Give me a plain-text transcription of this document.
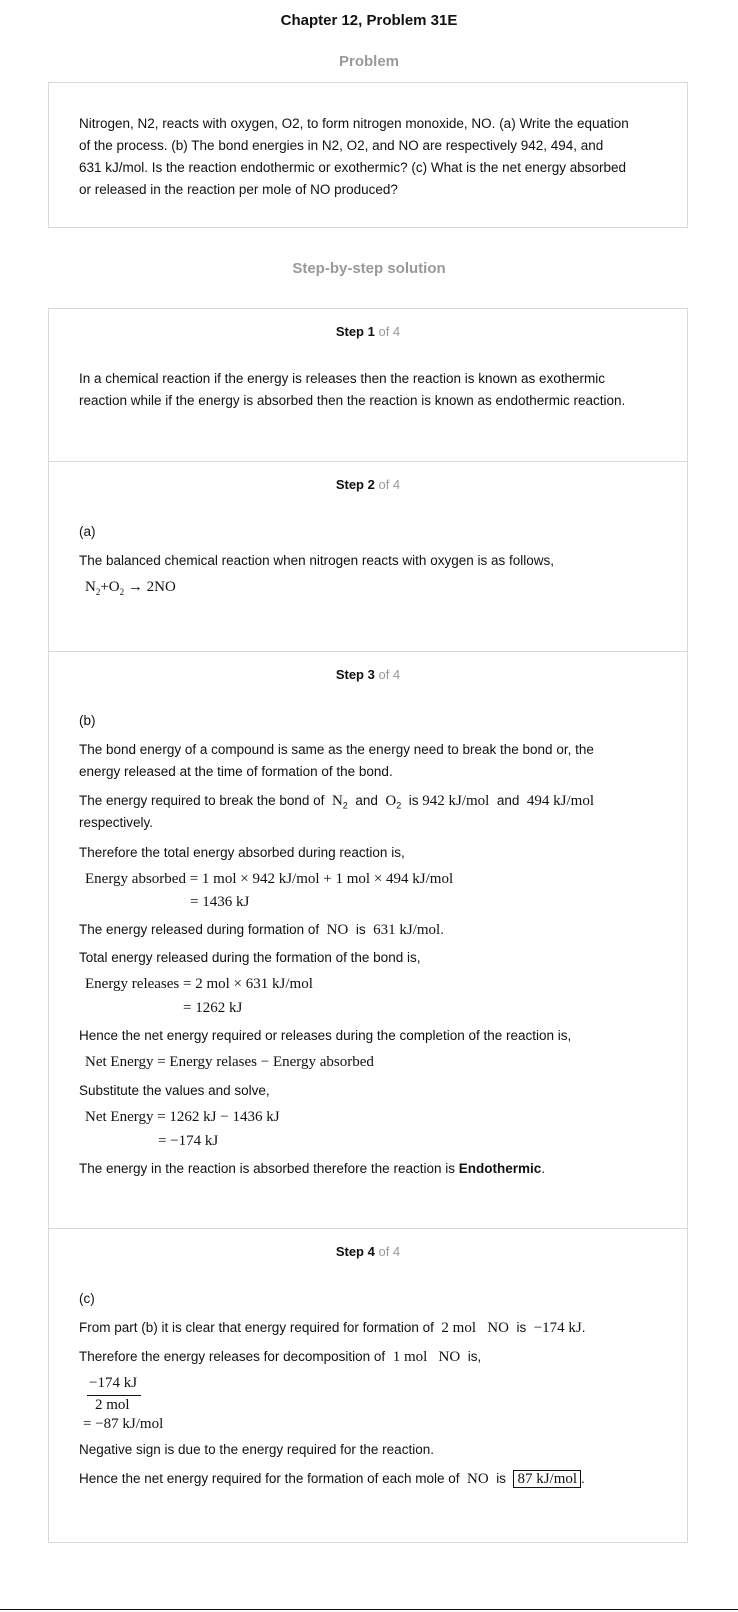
Chapter 12, Problem 31E
Problem
Nitrogen, N2, reacts with oxygen, O2, to form nitrogen monoxide, NO. (a) Write the equation
of the process. (b) The bond energies in N2, O2, and NO are respectively 942, 494, and
631 kJ/mol. Is the reaction endothermic or exothermic? (c) What is the net energy absorbed
or released in the reaction per mole of NO produced?
Step-by-step solution
Step 1 of 4
In a chemical reaction if the energy is releases then the reaction is known as exothermic
reaction while if the energy is absorbed then the reaction is known as endothermic reaction.
Step 2 of 4
(a)
The balanced chemical reaction when nitrogen reacts with oxygen is as follows,
$N_2+O_2 \to 2NO$
Step 3 of 4
(b)
The bond energy of a compound is same as the energy need to break the bond or, the
energy released at the time of formation of the bond.
The energy required to break the bond of $N_2$ and $O_2$ is 942 kJ/mol and 494 kJ/mol
respectively.
Therefore the total energy absorbed during reaction is,
Energy absorbed = 1 mol × 942 kJ/mol + 1 mol × 494 kJ/mol
= 1436 kJ
The energy released during formation of NO is 631 kJ/mol.
Total energy released during the formation of the bond is,
Energy releases = 2 mol × 631 kJ/mol
= 1262 kJ
Hence the net energy required or releases during the completion of the reaction is,
Net Energy = Energy relases − Energy absorbed
Substitute the values and solve,
Net Energy = 1262 kJ − 1436 kJ
= −174 kJ
The energy in the reaction is absorbed therefore the reaction is Endothermic.
Step 4 of 4
(c)
From part (b) it is clear that energy required for formation of 2 mol NO is −174 kJ.
Therefore the energy releases for decomposition of 1 mol NO is,
−174 kJ
2 mol
= −87 kJ/mol
Negative sign is due to the energy required for the reaction.
Hence the net energy required for the formation of each mole of NO is 87 kJ/mol .
